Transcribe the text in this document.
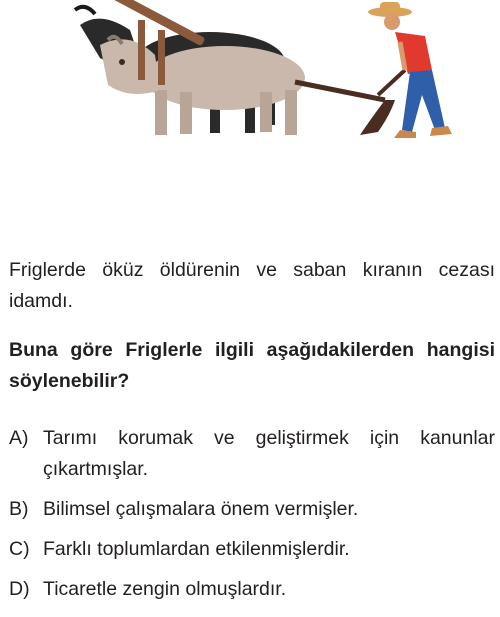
Friglerde öküz öldürenin ve saban kıranın cezası idamdı.
Buna göre Friglerle ilgili aşağıdakilerden hangisi söylenebilir?
A) Tarımı korumak ve geliştirmek için kanunlar çıkartmışlar.
B) Bilimsel çalışmalara önem vermişler.
C) Farklı toplumlardan etkilenmişlerdir.
D) Ticaretle zengin olmuşlardır.
